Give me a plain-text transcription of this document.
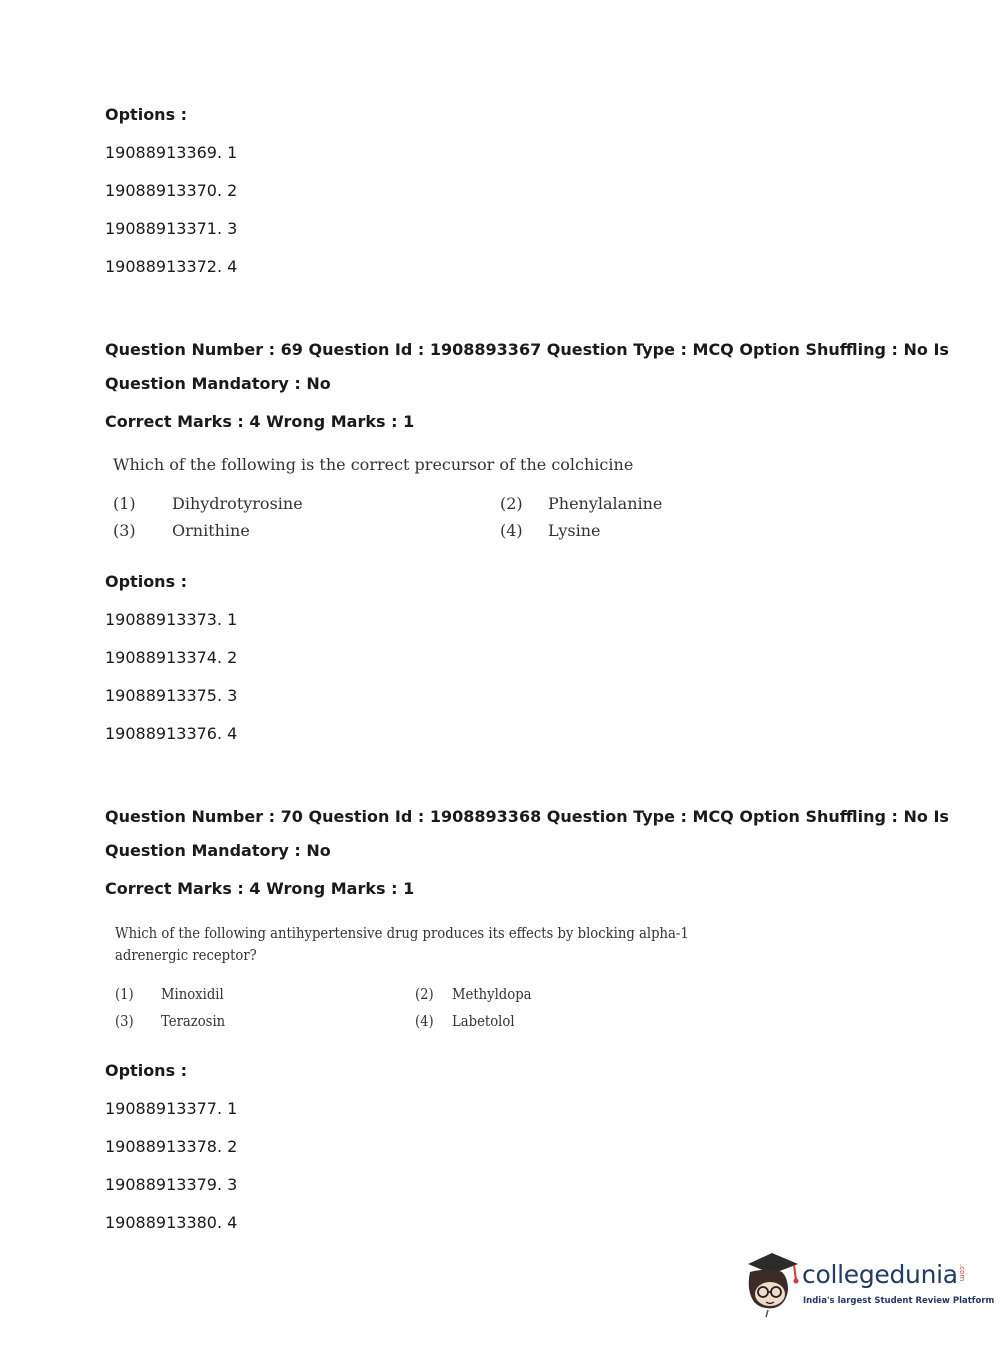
Options :
19088913369. 1
19088913370. 2
19088913371. 3
19088913372. 4
Question Number : 69 Question Id : 1908893367 Question Type : MCQ Option Shuffling : No Is
Question Mandatory : No
Correct Marks : 4 Wrong Marks : 1
Which of the following is the correct precursor of the colchicine
(1) Dihydrotyrosine	(2) Phenylalanine
(3) Ornithine	(4) Lysine
Options :
19088913373. 1
19088913374. 2
19088913375. 3
19088913376. 4
Question Number : 70 Question Id : 1908893368 Question Type : MCQ Option Shuffling : No Is
Question Mandatory : No
Correct Marks : 4 Wrong Marks : 1
Which of the following antihypertensive drug produces its effects by blocking alpha-1
adrenergic receptor?
(1) Minoxidil	(2) Methyldopa
(3) Terazosin	(4) Labetolol
Options :
19088913377. 1
19088913378. 2
19088913379. 3
19088913380. 4
collegedunia .com
India's largest Student Review Platform
